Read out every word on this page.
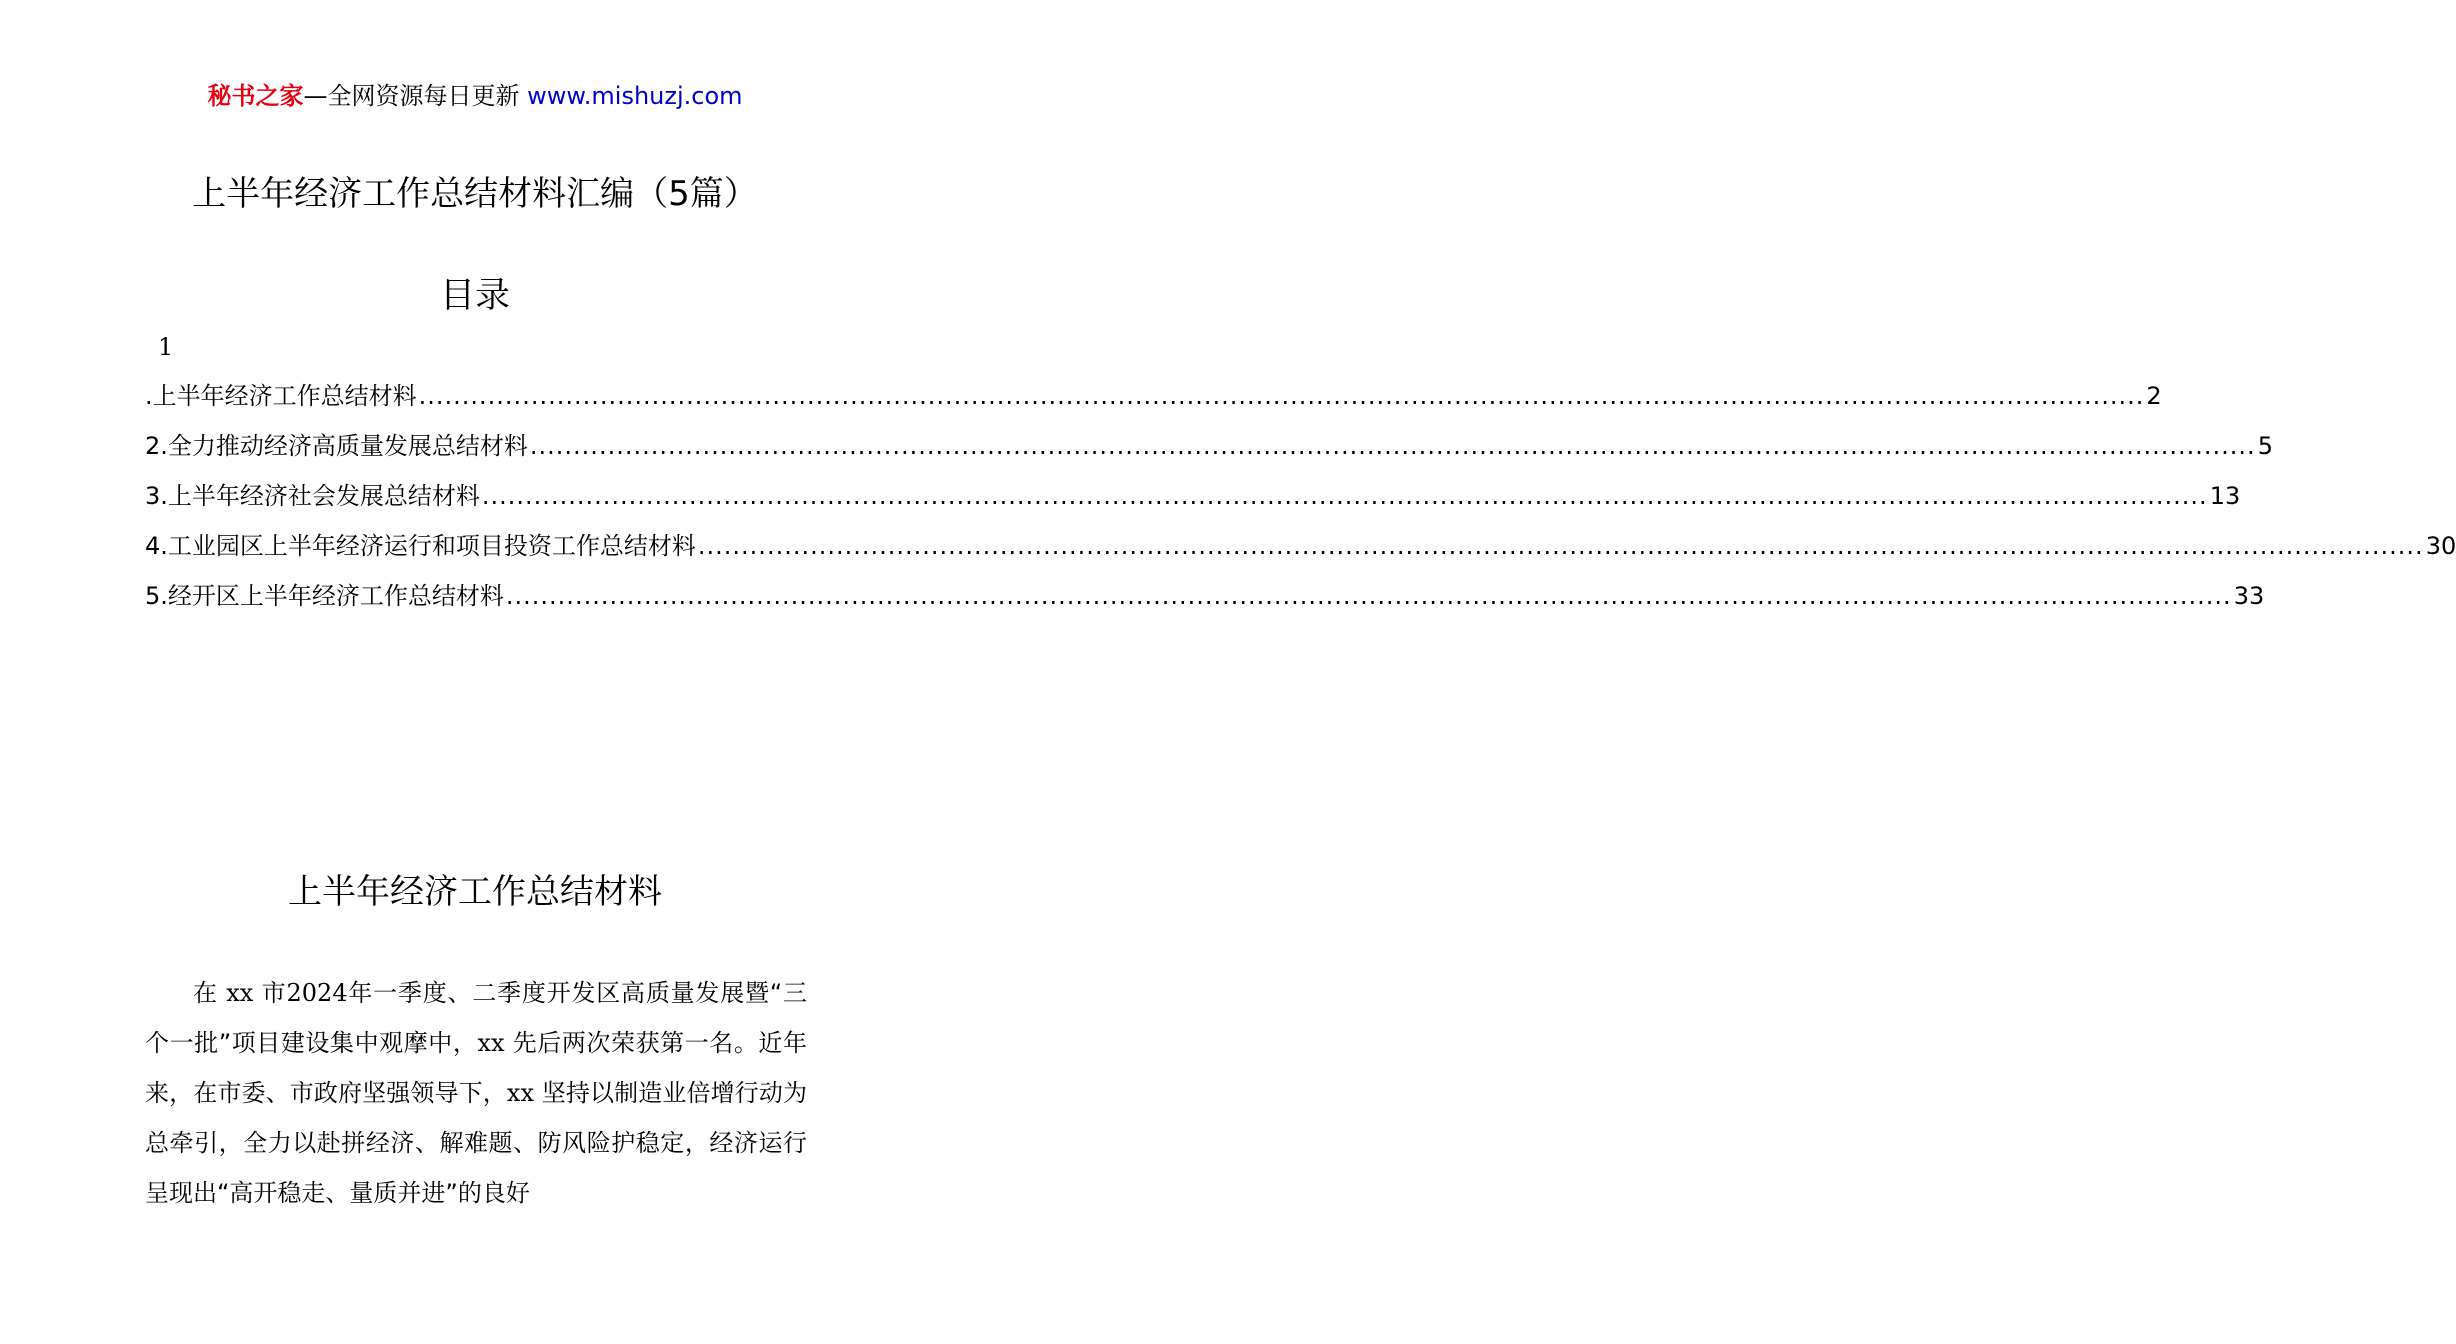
秘书之家—全网资源每日更新 www.mishuzj.com
上半年经济工作总结材料汇编（5篇）
目录
1
.上半年经济工作总结材料 ........................................................................................................................................................................................................ 2
2.全力推动经济高质量发展总结材料 ........................................................................................................................................................................................................ 5
3.上半年经济社会发展总结材料 ........................................................................................................................................................................................................ 13
4.工业园区上半年经济运行和项目投资工作总结材料 ........................................................................................................................................................................................................ 30
5.经开区上半年经济工作总结材料 ........................................................................................................................................................................................................ 33
上半年经济工作总结材料

在 xx 市2024年一季度、二季度开发区高质量发展暨“三个一批”项目建设集中观摩中，xx 先后两次荣获第一名。近年来，在市委、市政府坚强领导下，xx 坚持以制造业倍增行动为总牵引，全力以赴拼经济、解难题、防风险护稳定，经济运行呈现出“高开稳走、量质并进”的良好
